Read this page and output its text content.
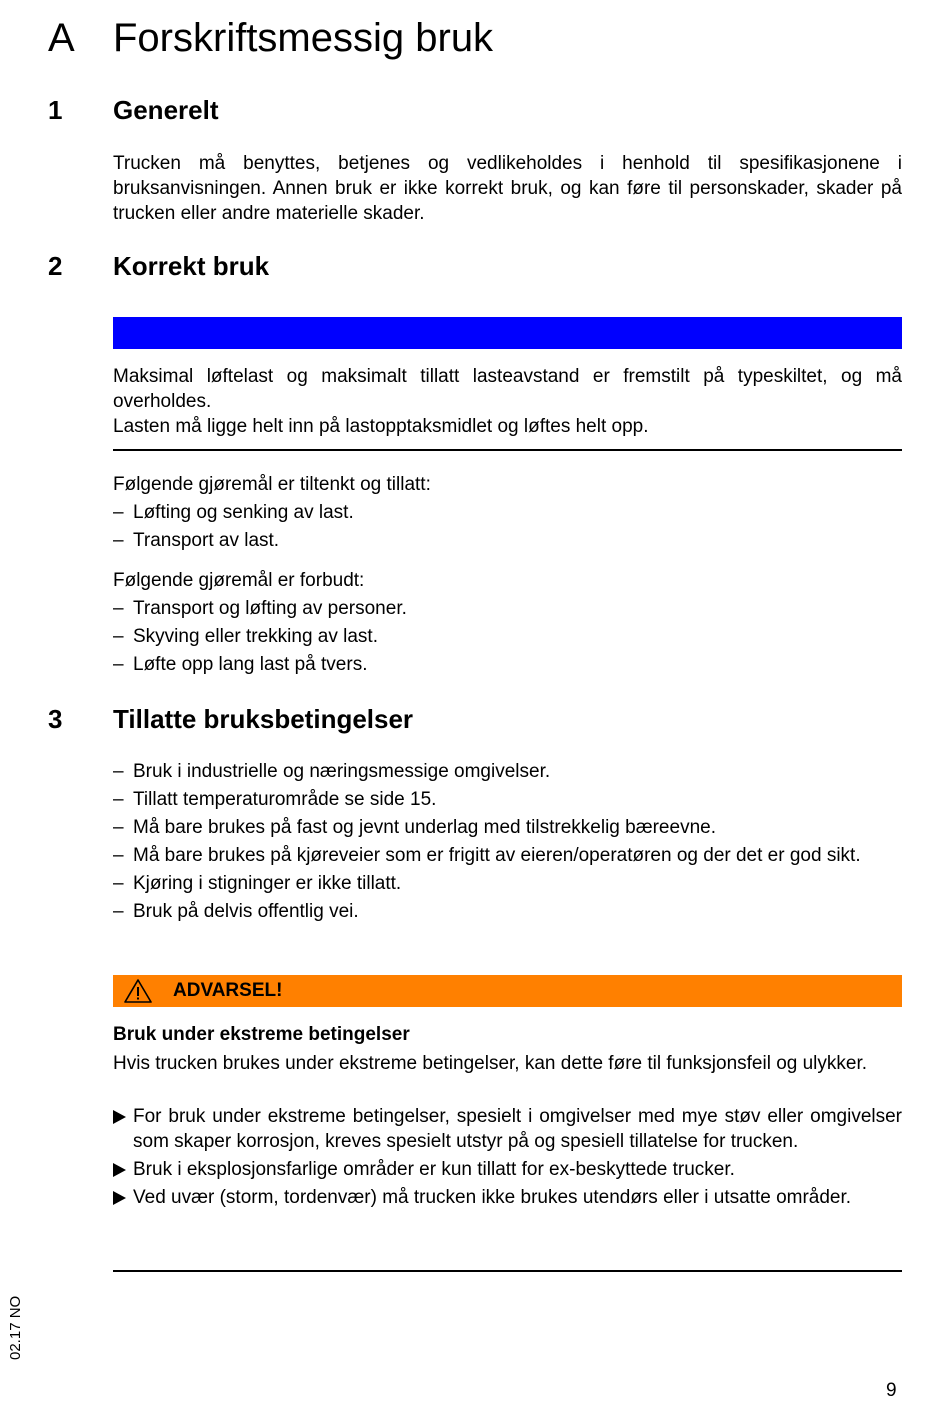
A Forskriftsmessig bruk
1 Generelt
Trucken må benyttes, betjenes og vedlikeholdes i henhold til spesifikasjonene i bruksanvisningen. Annen bruk er ikke korrekt bruk, og kan føre til personskader, skader på trucken eller andre materielle skader.
2 Korrekt bruk
Maksimal løftelast og maksimalt tillatt lasteavstand er fremstilt på typeskiltet, og må overholdes.
Lasten må ligge helt inn på lastopptaksmidlet og løftes helt opp.
Følgende gjøremål er tiltenkt og tillatt:
– Løfting og senking av last.
– Transport av last.
Følgende gjøremål er forbudt:
– Transport og løfting av personer.
– Skyving eller trekking av last.
– Løfte opp lang last på tvers.
3 Tillatte bruksbetingelser
– Bruk i industrielle og næringsmessige omgivelser.
– Tillatt temperaturområde se side 15.
– Må bare brukes på fast og jevnt underlag med tilstrekkelig bæreevne.
– Må bare brukes på kjøreveier som er frigitt av eieren/operatøren og der det er god sikt.
– Kjøring i stigninger er ikke tillatt.
– Bruk på delvis offentlig vei.
ADVARSEL!
Bruk under ekstreme betingelser
Hvis trucken brukes under ekstreme betingelser, kan dette føre til funksjonsfeil og ulykker.
For bruk under ekstreme betingelser, spesielt i omgivelser med mye støv eller omgivelser som skaper korrosjon, kreves spesielt utstyr på og spesiell tillatelse for trucken.
Bruk i eksplosjonsfarlige områder er kun tillatt for ex-beskyttede trucker.
Ved uvær (storm, tordenvær) må trucken ikke brukes utendørs eller i utsatte områder.
02.17 NO
9
